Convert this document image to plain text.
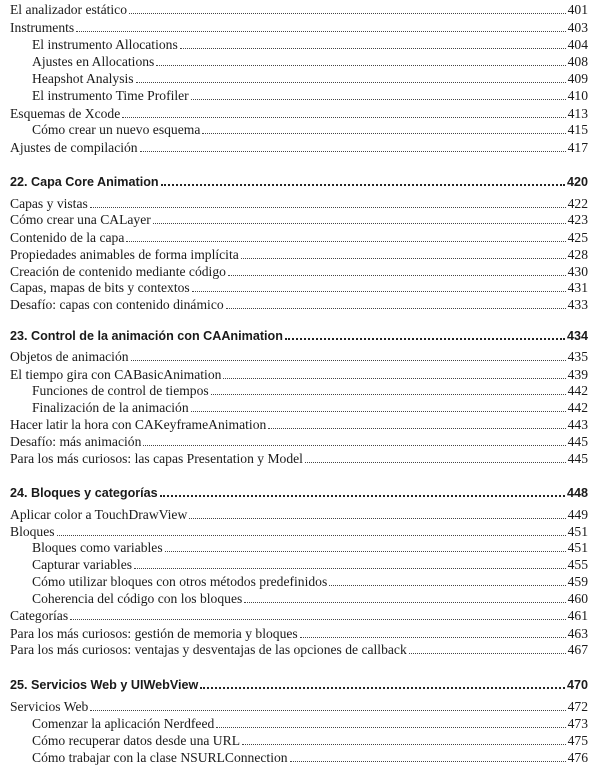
El analizador estático	401
Instruments	403
El instrumento Allocations	404
Ajustes en Allocations	408
Heapshot Analysis	409
El instrumento Time Profiler	410
Esquemas de Xcode	413
Cómo crear un nuevo esquema	415
Ajustes de compilación	417
22. Capa Core Animation	420
Capas y vistas	422
Cómo crear una CALayer	423
Contenido de la capa	425
Propiedades animables de forma implícita	428
Creación de contenido mediante código	430
Capas, mapas de bits y contextos	431
Desafío: capas con contenido dinámico	433
23. Control de la animación con CAAnimation	434
Objetos de animación	435
El tiempo gira con CABasicAnimation	439
Funciones de control de tiempos	442
Finalización de la animación	442
Hacer latir la hora con CAKeyframeAnimation	443
Desafío: más animación	445
Para los más curiosos: las capas Presentation y Model	445
24. Bloques y categorías	448
Aplicar color a TouchDrawView	449
Bloques	451
Bloques como variables	451
Capturar variables	455
Cómo utilizar bloques con otros métodos predefinidos	459
Coherencia del código con los bloques	460
Categorías	461
Para los más curiosos: gestión de memoria y bloques	463
Para los más curiosos: ventajas y desventajas de las opciones de callback	467
25. Servicios Web y UIWebView	470
Servicios Web	472
Comenzar la aplicación Nerdfeed	473
Cómo recuperar datos desde una URL	475
Cómo trabajar con la clase NSURLConnection	476
